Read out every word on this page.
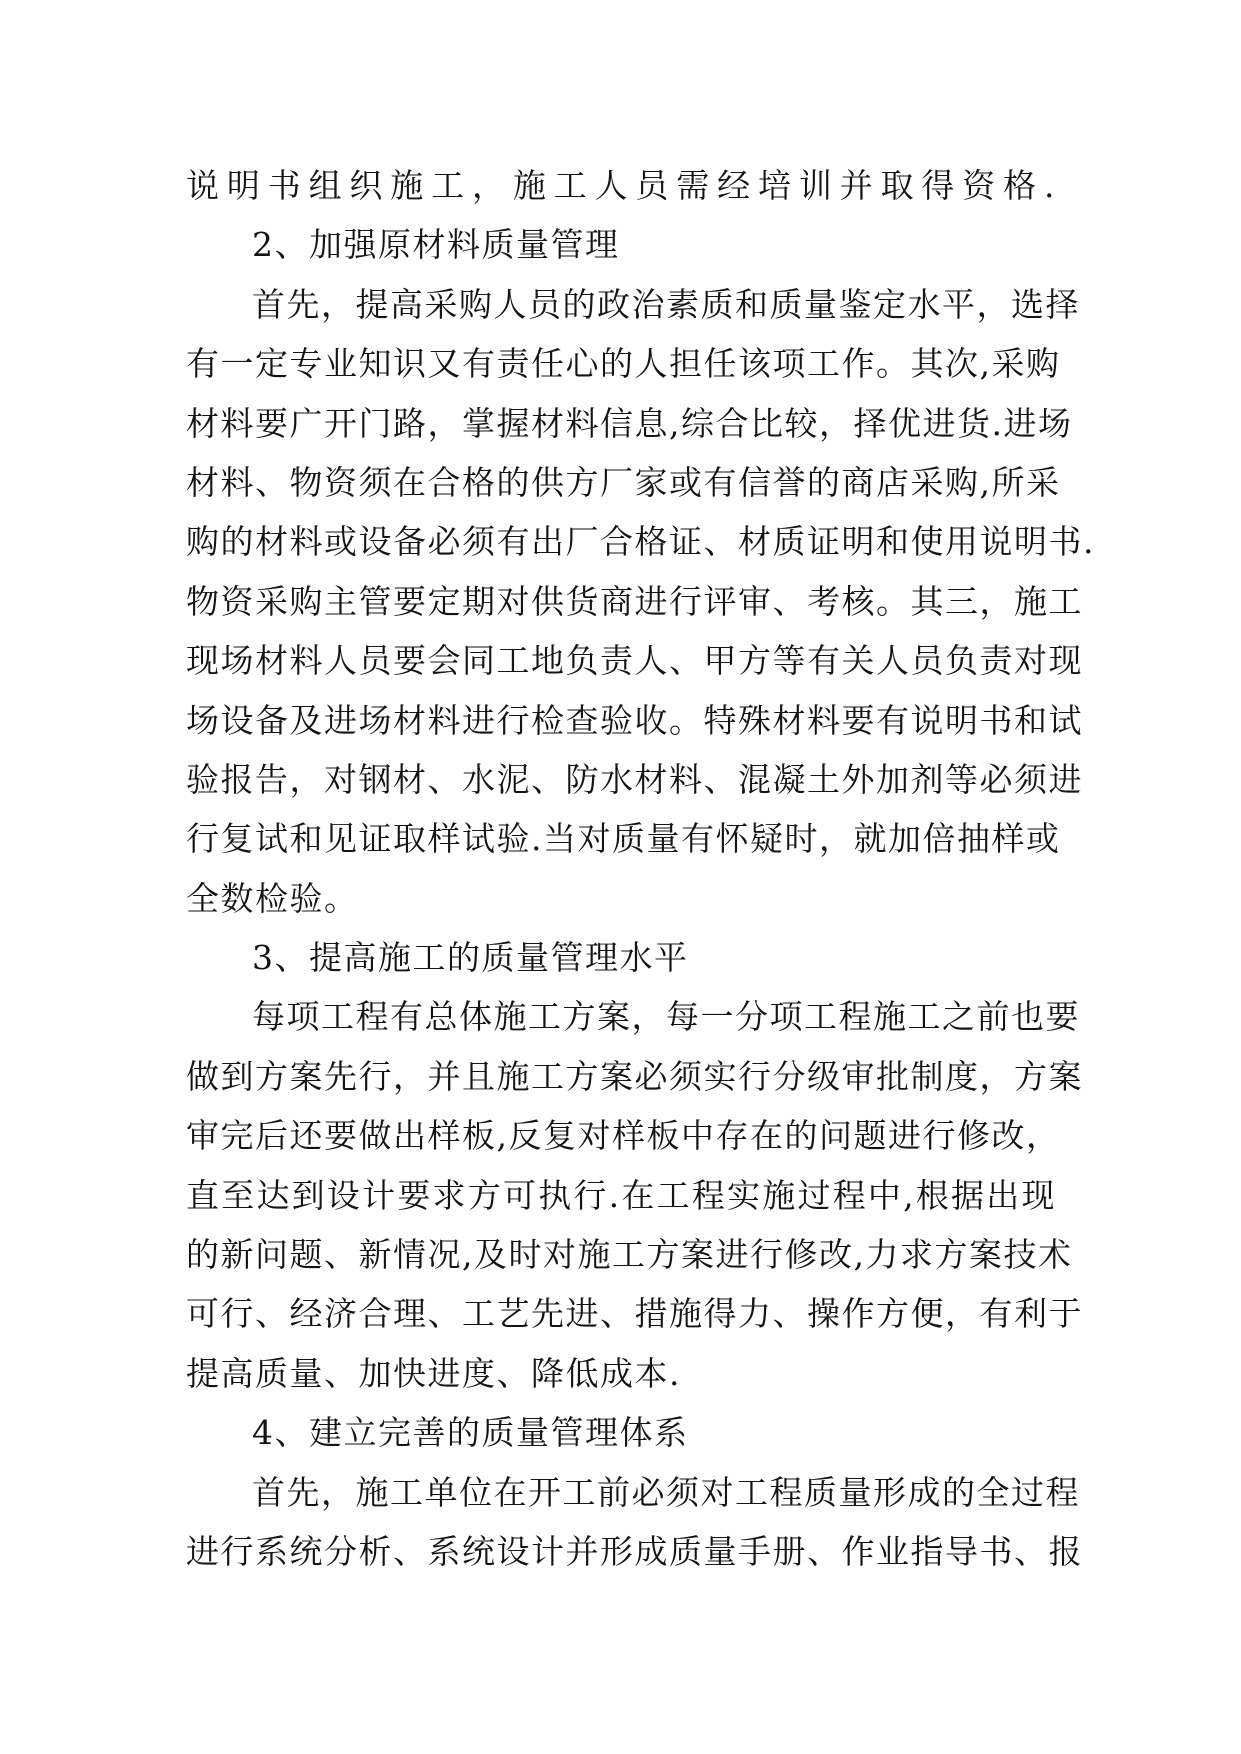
说明书组织施工，施工人员需经培训并取得资格.
2、加强原材料质量管理
首先，提高采购人员的政治素质和质量鉴定水平，选择
有一定专业知识又有责任心的人担任该项工作。其次,采购
材料要广开门路，掌握材料信息,综合比较，择优进货.进场
材料、物资须在合格的供方厂家或有信誉的商店采购,所采
购的材料或设备必须有出厂合格证、材质证明和使用说明书.
物资采购主管要定期对供货商进行评审、考核。其三，施工
现场材料人员要会同工地负责人、甲方等有关人员负责对现
场设备及进场材料进行检查验收。特殊材料要有说明书和试
验报告，对钢材、水泥、防水材料、混凝土外加剂等必须进
行复试和见证取样试验.当对质量有怀疑时，就加倍抽样或
全数检验。
3、提高施工的质量管理水平
每项工程有总体施工方案，每一分项工程施工之前也要
做到方案先行，并且施工方案必须实行分级审批制度，方案
审完后还要做出样板,反复对样板中存在的问题进行修改，
直至达到设计要求方可执行.在工程实施过程中,根据出现
的新问题、新情况,及时对施工方案进行修改,力求方案技术
可行、经济合理、工艺先进、措施得力、操作方便，有利于
提高质量、加快进度、降低成本.
4、建立完善的质量管理体系
首先，施工单位在开工前必须对工程质量形成的全过程
进行系统分析、系统设计并形成质量手册、作业指导书、报
